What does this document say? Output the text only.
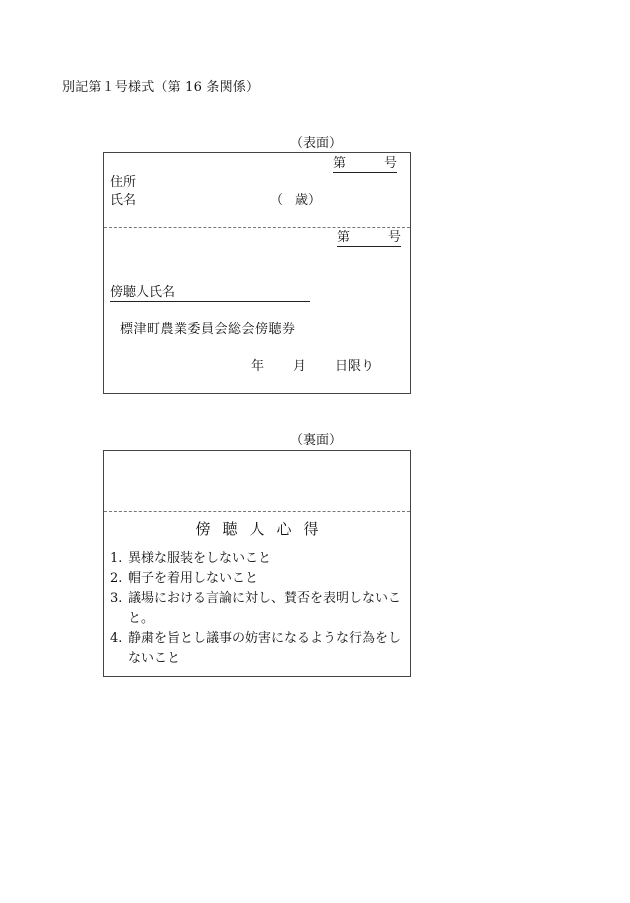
別記第１号様式（第 16 条関係）
（表面）
第	号
住所
氏名	（ 歳）
第	号
傍聴人氏名
標津町農業委員会総会傍聴券
年 月 日限り
（裏面）
傍聴人心得
1. 異様な服装をしないこと
2. 帽子を着用しないこと
3. 議場における言論に対し、賛否を表明しないこと。
4. 静粛を旨とし議事の妨害になるような行為をしないこと
